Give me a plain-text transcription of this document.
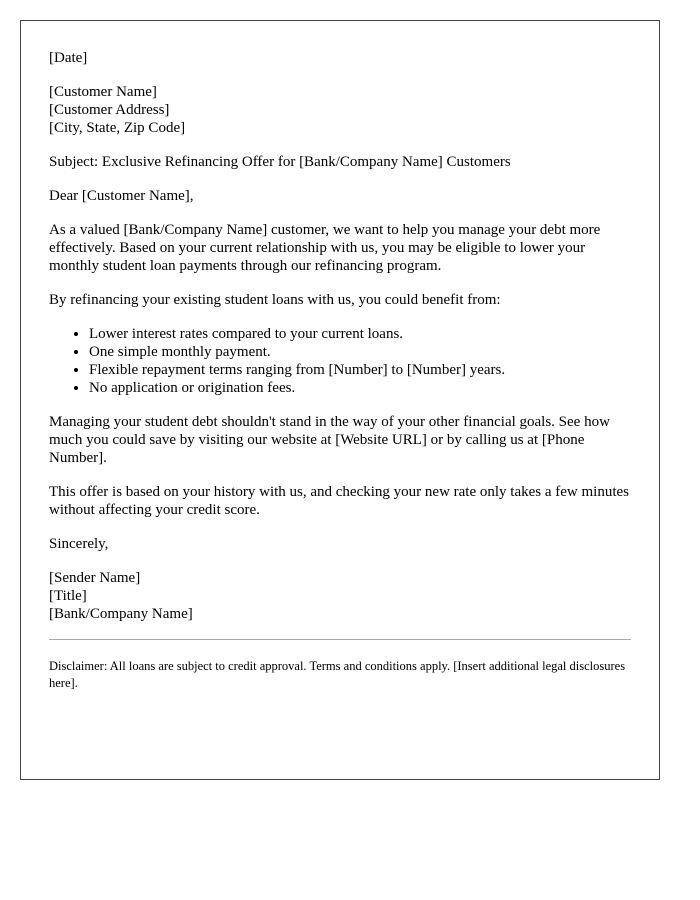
[Date]
[Customer Name]
[Customer Address]
[City, State, Zip Code]

Subject: Exclusive Refinancing Offer for [Bank/Company Name] Customers

Dear [Customer Name],

As a valued [Bank/Company Name] customer, we want to help you manage your debt more effectively. Based on your current relationship with us, you may be eligible to lower your monthly student loan payments through our refinancing program.

By refinancing your existing student loans with us, you could benefit from:

• Lower interest rates compared to your current loans.
• One simple monthly payment.
• Flexible repayment terms ranging from [Number] to [Number] years.
• No application or origination fees.

Managing your student debt shouldn't stand in the way of your other financial goals. See how much you could save by visiting our website at [Website URL] or by calling us at [Phone Number].

This offer is based on your history with us, and checking your new rate only takes a few minutes without affecting your credit score.

Sincerely,

[Sender Name]
[Title]
[Bank/Company Name]

Disclaimer: All loans are subject to credit approval. Terms and conditions apply. [Insert additional legal disclosures here].
